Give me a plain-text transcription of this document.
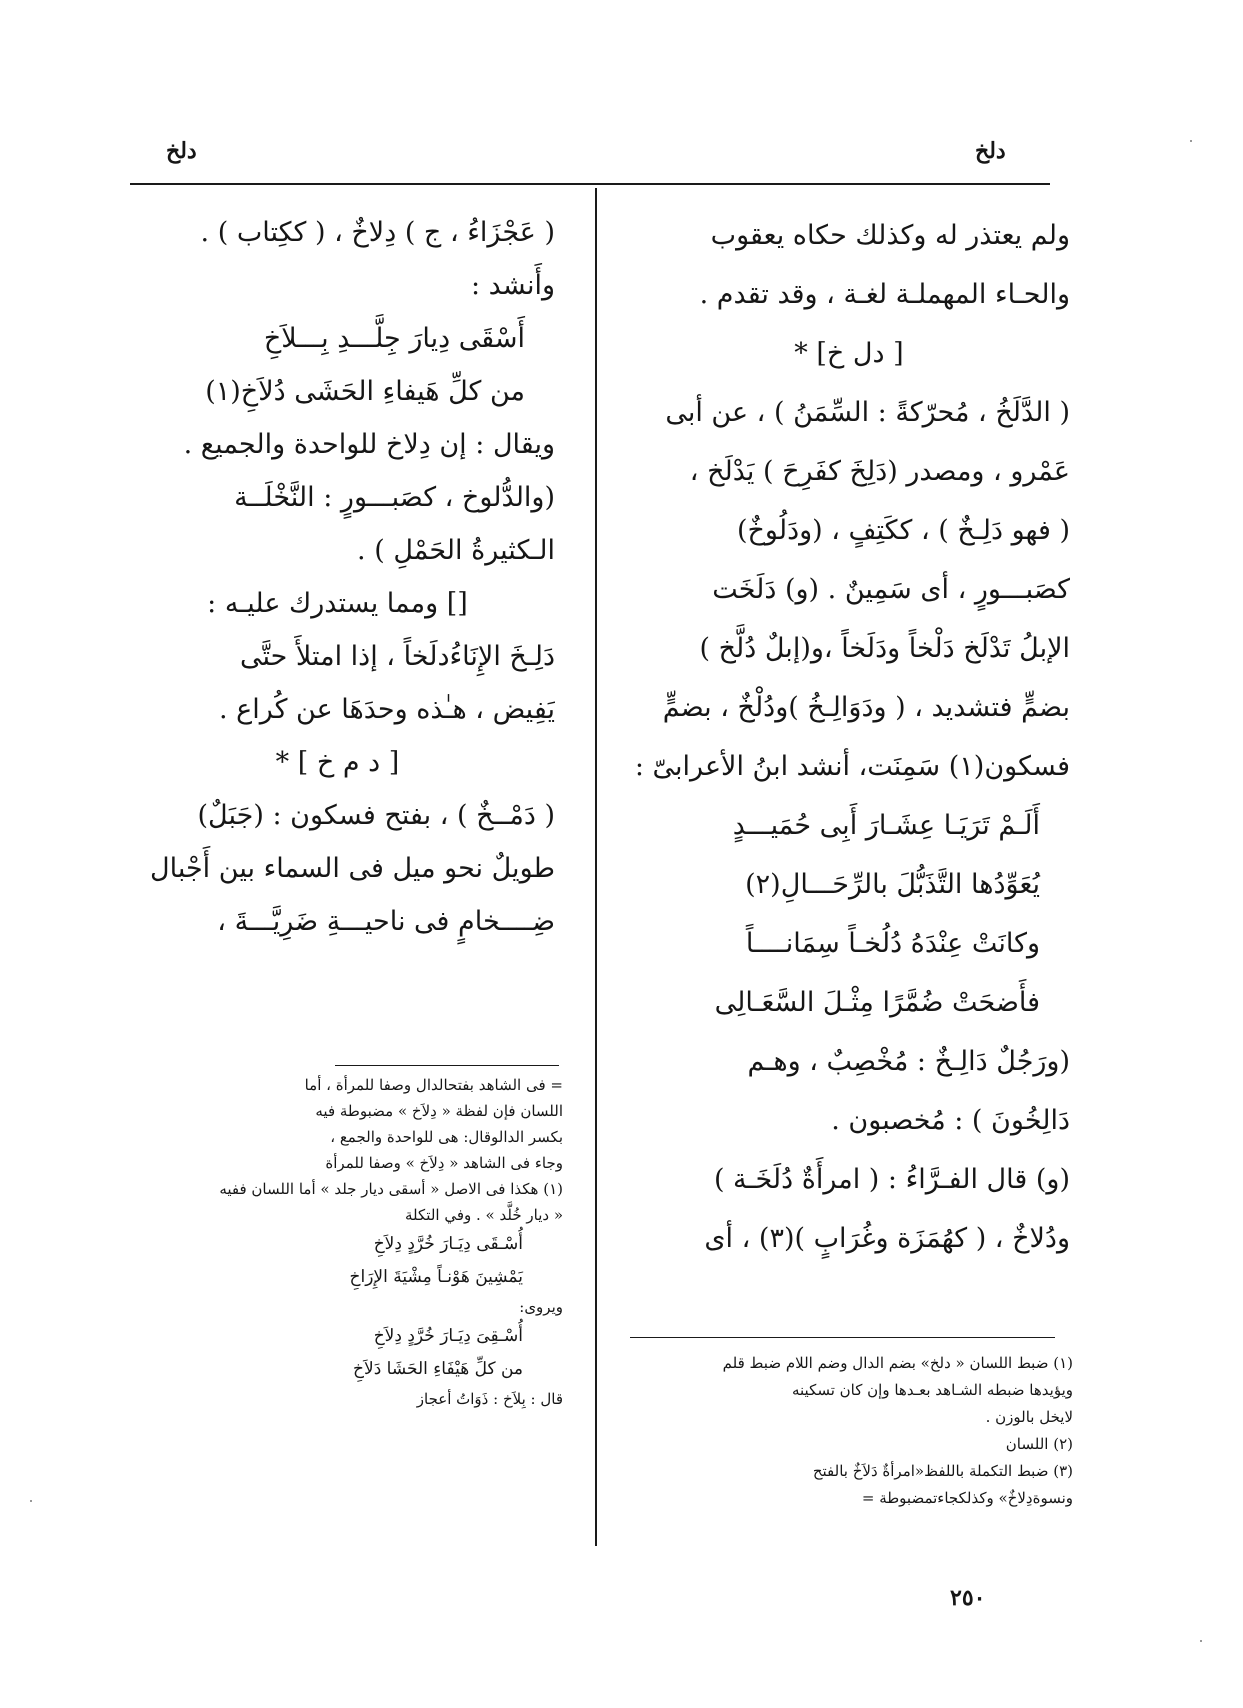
دلخ
دلخ
ولم يعتذر له وكذلك حكاه يعقوب
والحـاء المهملـة لغـة ، وقد تقدم .
[ دل خ] *
( الدَّلَخُ ، مُحرّكةً : السِّمَنُ ) ، عن أبى
عَمْرو ، ومصدر (دَلِخَ كفَرِحَ ) يَدْلَخ ،
( فهو دَلِـخٌ ) ، ككَتِفٍ ، (ودَلُوخٌ)
كصَبـــورٍ ، أى سَمِينٌ . (و) دَلَخَت
الإبلُ تَدْلَخ دَلْخاً ودَلَخاً ،و(إبلٌ دُلَّخ )
بضمٍّ فتشديد ، ( ودَوَالِـخُ )ودُلْخٌ ، بضمٍّ
فسكون(١) سَمِنَت، أنشد ابنُ الأعرابىّ :
أَلَـمْ تَرَيَـا عِشَـارَ أَبِى حُمَيـــدٍ
يُعَوِّدُها التَّذَبُّلَ بالرِّحَـــالِ(٢)
وكانَتْ عِنْدَهُ دُلُخـاً سِمَانــــاً
فأَضحَتْ ضُمَّرًا مِثْـلَ السَّعَـالِى
(ورَجُلٌ دَالِـخٌ : مُخْصِبٌ ، وهـم
دَالِخُونَ ) : مُخصبون .
(و) قال الفـرَّاءُ : ( امرأَةٌ دُلَخَـة )
ودُلاخٌ ، ( كهُمَزَة وغُرَابٍ )(٣) ، أى
( عَجْزَاءُ ، ج ) دِلاخٌ ، ( ككِتاب ) .
وأَنشد :
أَسْقَى دِيارَ جِلَّـــدِ بِـــلاَخِ
من كلِّ هَيفاءِ الحَشَى دُلاَخِ(١)
ويقال : إن دِلاخ للواحدة والجميع .
(والدُّلوخ ، كصَبـــورٍ : النَّخْلَــة
الـكثيرةُ الحَمْلِ ) .
[] ومما يستدرك عليـه :
دَلِـخَ الإِنَاءُدلَخاً ، إذا امتلأَ حتَّى
يَفِيض ، هـٰذه وحدَهَا عن كُراع .
[ د م خ ] *
( دَمْــخٌ ) ، بفتح فسكون : (جَبَلٌ)
طويلٌ نحو ميل فى السماء بين أَجْبال
ضِــــخامٍ فى ناحيـــةِ ضَرِيَّـــةَ ،
(١) ضبط اللسان « دلخ» بضم الدال وضم اللام ضبط قلم
ويؤيدها ضبطه الشـاهد بعـدها وإن كان تسكينه
لايخل بالوزن .
(٢) اللسان
(٣) ضبط التكملة باللفظ«امرأةٌ دَلاَخٌ بالفتح
ونسوةدِلاخٌ» وكذلكجاءتمضبوطة =
= فى الشاهد بفتحالدال وصفا للمرأة ، أما
اللسان فإن لفظة « دِلاَخ » مضبوطة فيه
بكسر الدالوقال: هى للواحدة والجمع ،
وجاء فى الشاهد « دِلاَخ » وصفا للمرأة
(١) هكذا فى الاصل « أسقى ديار جلد » أما اللسان ففيه
« ديار خُلَّد » . وفي التكلة
أُسْـقَى دِيَـارَ خُرَّدٍ دِلاَخِ
يَمْشِينَ هَوْنـاً مِشْيَةَ الإِرَاخِ
ويروى:
أُسْـقِىَ دِيَـارَ خُرَّدٍ دِلاَخِ
من كلِّ هَيْفَاءِ الحَشَا دَلاَخِ
قال : بِلاَخ : ذَوَاتُ أعجاز
٢٥٠
